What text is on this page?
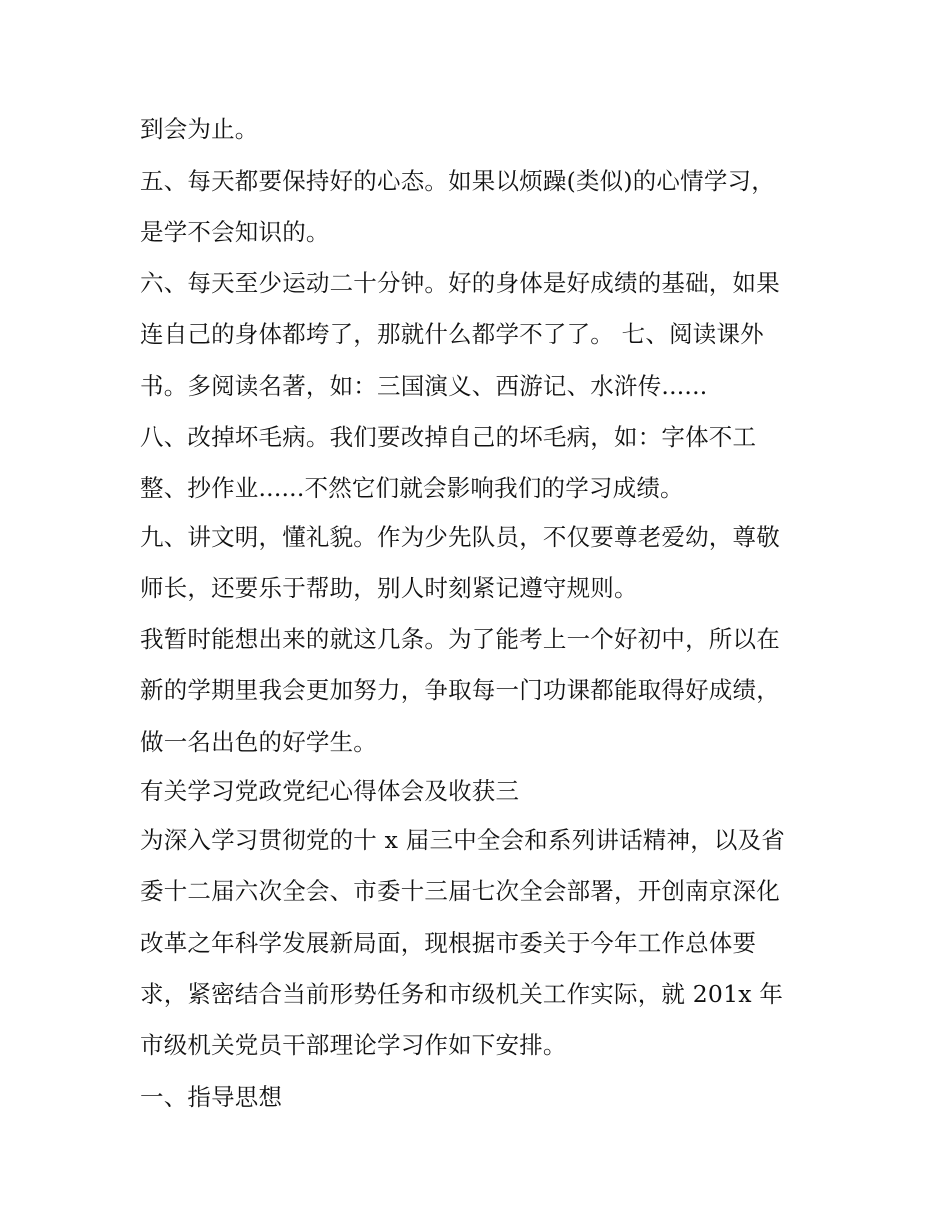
到会为止。

五、每天都要保持好的心态。如果以烦躁(类似)的心情学习，

是学不会知识的。

六、每天至少运动二十分钟。好的身体是好成绩的基础，如果

连自己的身体都垮了，那就什么都学不了了。 七、阅读课外

书。多阅读名著，如：三国演义、西游记、水浒传......

八、改掉坏毛病。我们要改掉自己的坏毛病，如：字体不工

整、抄作业......不然它们就会影响我们的学习成绩。

九、讲文明，懂礼貌。作为少先队员，不仅要尊老爱幼，尊敬

师长，还要乐于帮助，别人时刻紧记遵守规则。

我暂时能想出来的就这几条。为了能考上一个好初中，所以在

新的学期里我会更加努力，争取每一门功课都能取得好成绩，

做一名出色的好学生。

有关学习党政党纪心得体会及收获三

为深入学习贯彻党的十 x 届三中全会和系列讲话精神，以及省

委十二届六次全会、市委十三届七次全会部署，开创南京深化

改革之年科学发展新局面，现根据市委关于今年工作总体要

求，紧密结合当前形势任务和市级机关工作实际，就 201x 年

市级机关党员干部理论学习作如下安排。

一、指导思想
